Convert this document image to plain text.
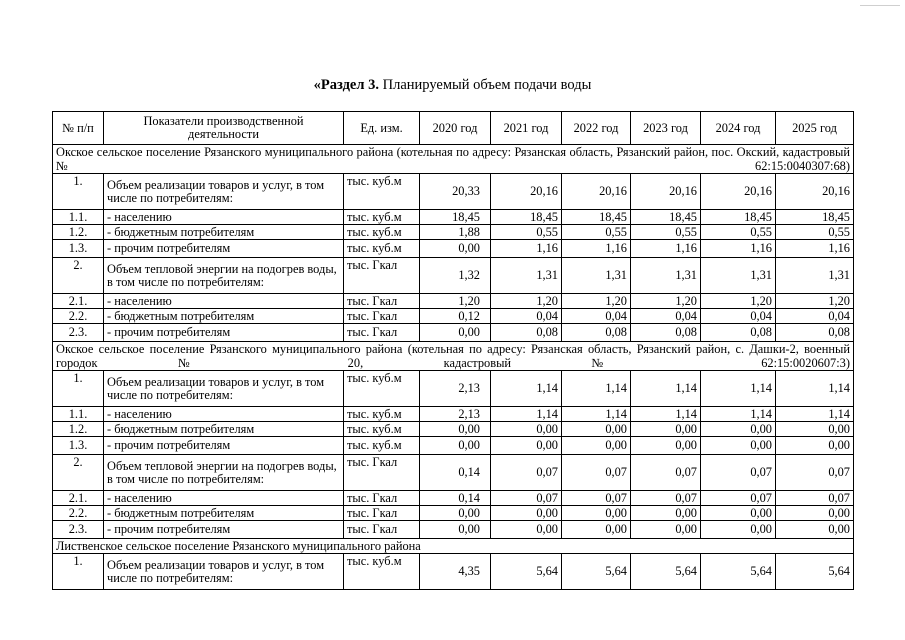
«Раздел 3. Планируемый объем подачи воды
№ п/п	Показатели производственной деятельности	Ед. изм.	2020 год	2021 год	2022 год	2023 год	2024 год	2025 год
Окское сельское поселение Рязанского муниципального района (котельная по адресу: Рязанская область, Рязанский район, пос. Окский, кадастровый № 62:15:0040307:68)								
1.	Объем реализации товаров и услуг, в том числе по потребителям:	тыс. куб.м	20,33	20,16	20,16	20,16	20,16	20,16
1.1.	- населению	тыс. куб.м	18,45	18,45	18,45	18,45	18,45	18,45
1.2.	- бюджетным потребителям	тыс. куб.м	1,88	0,55	0,55	0,55	0,55	0,55
1.3.	- прочим потребителям	тыс. куб.м	0,00	1,16	1,16	1,16	1,16	1,16
2.	Объем тепловой энергии на подогрев воды, в том числе по потребителям:	тыс. Гкал	1,32	1,31	1,31	1,31	1,31	1,31
2.1.	- населению	тыс. Гкал	1,20	1,20	1,20	1,20	1,20	1,20
2.2.	- бюджетным потребителям	тыс. Гкал	0,12	0,04	0,04	0,04	0,04	0,04
2.3.	- прочим потребителям	тыс. Гкал	0,00	0,08	0,08	0,08	0,08	0,08
Окское сельское поселение Рязанского муниципального района (котельная по адресу: Рязанская область, Рязанский район, с. Дашки-2, военный городок № 20, кадастровый № 62:15:0020607:3)								
1.	Объем реализации товаров и услуг, в том числе по потребителям:	тыс. куб.м	2,13	1,14	1,14	1,14	1,14	1,14
1.1.	- населению	тыс. куб.м	2,13	1,14	1,14	1,14	1,14	1,14
1.2.	- бюджетным потребителям	тыс. куб.м	0,00	0,00	0,00	0,00	0,00	0,00
1.3.	- прочим потребителям	тыс. куб.м	0,00	0,00	0,00	0,00	0,00	0,00
2.	Объем тепловой энергии на подогрев воды, в том числе по потребителям:	тыс. Гкал	0,14	0,07	0,07	0,07	0,07	0,07
2.1.	- населению	тыс. Гкал	0,14	0,07	0,07	0,07	0,07	0,07
2.2.	- бюджетным потребителям	тыс. Гкал	0,00	0,00	0,00	0,00	0,00	0,00
2.3.	- прочим потребителям	тыс. Гкал	0,00	0,00	0,00	0,00	0,00	0,00
Лиственское сельское поселение Рязанского муниципального района								
1.	Объем реализации товаров и услуг, в том числе по потребителям:	тыс. куб.м	4,35	5,64	5,64	5,64	5,64	5,64
